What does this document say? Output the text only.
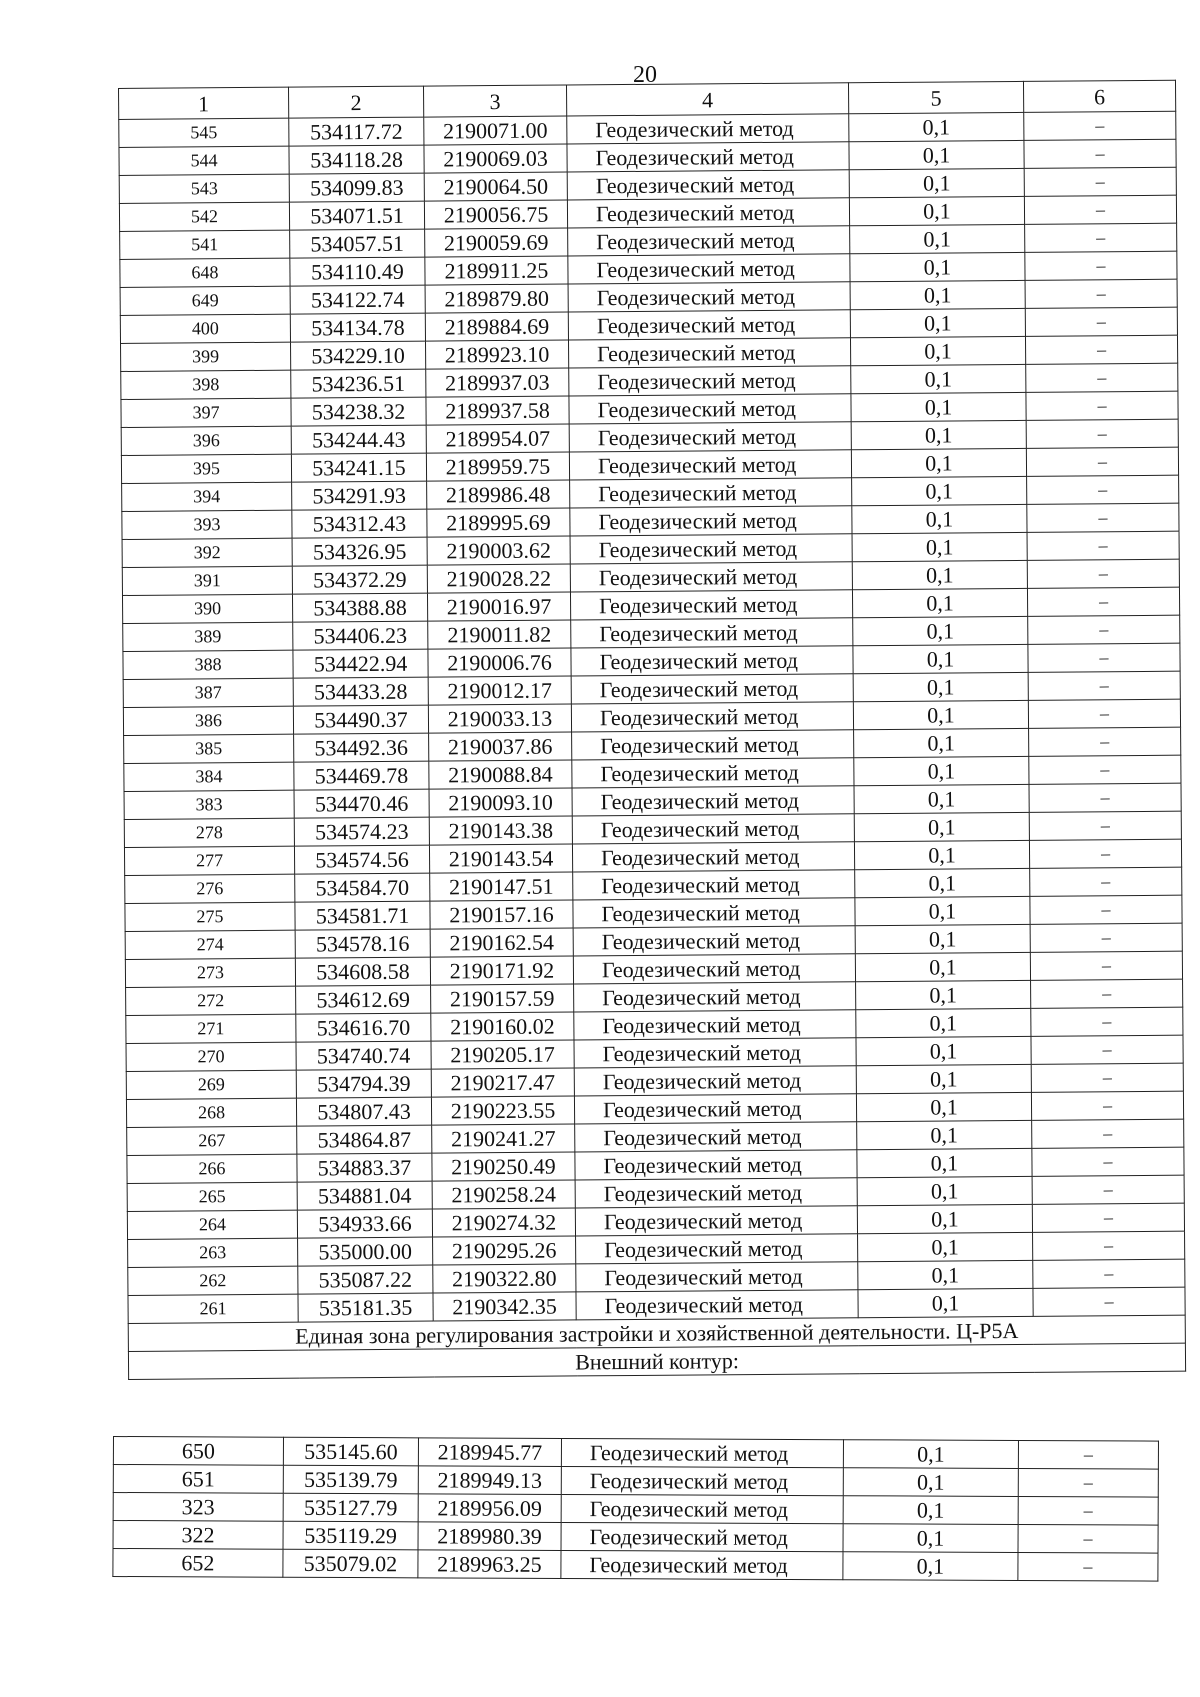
20
1	2	3	4	5	6
545	534117.72	2190071.00	Геодезический метод	0,1	–
544	534118.28	2190069.03	Геодезический метод	0,1	–
543	534099.83	2190064.50	Геодезический метод	0,1	–
542	534071.51	2190056.75	Геодезический метод	0,1	–
541	534057.51	2190059.69	Геодезический метод	0,1	–
648	534110.49	2189911.25	Геодезический метод	0,1	–
649	534122.74	2189879.80	Геодезический метод	0,1	–
400	534134.78	2189884.69	Геодезический метод	0,1	–
399	534229.10	2189923.10	Геодезический метод	0,1	–
398	534236.51	2189937.03	Геодезический метод	0,1	–
397	534238.32	2189937.58	Геодезический метод	0,1	–
396	534244.43	2189954.07	Геодезический метод	0,1	–
395	534241.15	2189959.75	Геодезический метод	0,1	–
394	534291.93	2189986.48	Геодезический метод	0,1	–
393	534312.43	2189995.69	Геодезический метод	0,1	–
392	534326.95	2190003.62	Геодезический метод	0,1	–
391	534372.29	2190028.22	Геодезический метод	0,1	–
390	534388.88	2190016.97	Геодезический метод	0,1	–
389	534406.23	2190011.82	Геодезический метод	0,1	–
388	534422.94	2190006.76	Геодезический метод	0,1	–
387	534433.28	2190012.17	Геодезический метод	0,1	–
386	534490.37	2190033.13	Геодезический метод	0,1	–
385	534492.36	2190037.86	Геодезический метод	0,1	–
384	534469.78	2190088.84	Геодезический метод	0,1	–
383	534470.46	2190093.10	Геодезический метод	0,1	–
278	534574.23	2190143.38	Геодезический метод	0,1	–
277	534574.56	2190143.54	Геодезический метод	0,1	–
276	534584.70	2190147.51	Геодезический метод	0,1	–
275	534581.71	2190157.16	Геодезический метод	0,1	–
274	534578.16	2190162.54	Геодезический метод	0,1	–
273	534608.58	2190171.92	Геодезический метод	0,1	–
272	534612.69	2190157.59	Геодезический метод	0,1	–
271	534616.70	2190160.02	Геодезический метод	0,1	–
270	534740.74	2190205.17	Геодезический метод	0,1	–
269	534794.39	2190217.47	Геодезический метод	0,1	–
268	534807.43	2190223.55	Геодезический метод	0,1	–
267	534864.87	2190241.27	Геодезический метод	0,1	–
266	534883.37	2190250.49	Геодезический метод	0,1	–
265	534881.04	2190258.24	Геодезический метод	0,1	–
264	534933.66	2190274.32	Геодезический метод	0,1	–
263	535000.00	2190295.26	Геодезический метод	0,1	–
262	535087.22	2190322.80	Геодезический метод	0,1	–
261	535181.35	2190342.35	Геодезический метод	0,1	–
Единая зона регулирования застройки и хозяйственной деятельности. Ц-Р5А					
Внешний контур:					
650	535145.60	2189945.77	Геодезический метод	0,1	–
651	535139.79	2189949.13	Геодезический метод	0,1	–
323	535127.79	2189956.09	Геодезический метод	0,1	–
322	535119.29	2189980.39	Геодезический метод	0,1	–
652	535079.02	2189963.25	Геодезический метод	0,1	–
